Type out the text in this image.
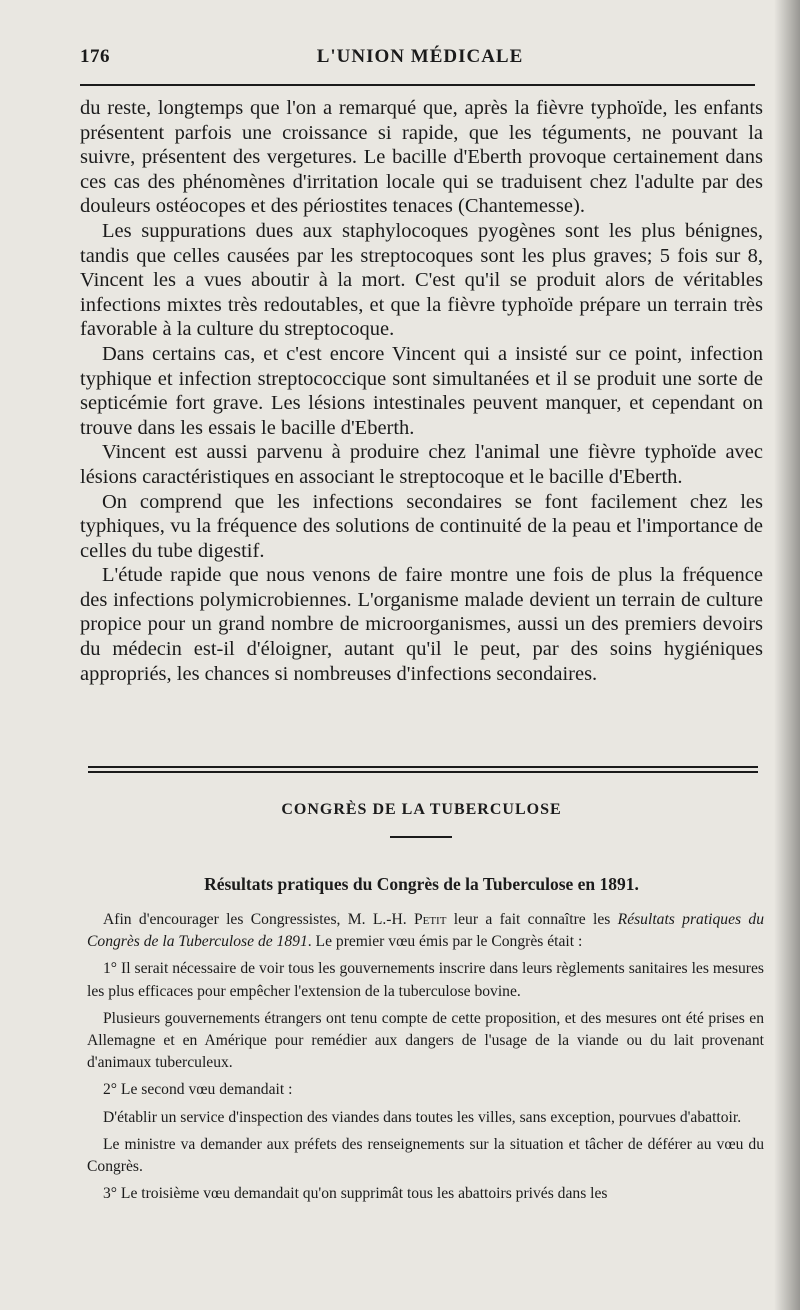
176	L'UNION MÉDICALE

du reste, longtemps que l'on a remarqué que, après la fièvre typhoïde, les enfants présentent parfois une croissance si rapide, que les téguments, ne pouvant la suivre, présentent des vergetures. Le bacille d'Eberth provoque certainement dans ces cas des phénomènes d'irritation locale qui se traduisent chez l'adulte par des douleurs ostéocopes et des périostites tenaces (Chantemesse).

Les suppurations dues aux staphylocoques pyogènes sont les plus bénignes, tandis que celles causées par les streptocoques sont les plus graves; 5 fois sur 8, Vincent les a vues aboutir à la mort. C'est qu'il se produit alors de véritables infections mixtes très redoutables, et que la fièvre typhoïde prépare un terrain très favorable à la culture du streptocoque.

Dans certains cas, et c'est encore Vincent qui a insisté sur ce point, infection typhique et infection streptococcique sont simultanées et il se produit une sorte de septicémie fort grave. Les lésions intestinales peuvent manquer, et cependant on trouve dans les essais le bacille d'Eberth.

Vincent est aussi parvenu à produire chez l'animal une fièvre typhoïde avec lésions caractéristiques en associant le streptocoque et le bacille d'Eberth.

On comprend que les infections secondaires se font facilement chez les typhiques, vu la fréquence des solutions de continuité de la peau et l'importance de celles du tube digestif.

L'étude rapide que nous venons de faire montre une fois de plus la fréquence des infections polymicrobiennes. L'organisme malade devient un terrain de culture propice pour un grand nombre de microorganismes, aussi un des premiers devoirs du médecin est-il d'éloigner, autant qu'il le peut, par des soins hygiéniques appropriés, les chances si nombreuses d'infections secondaires.

CONGRÈS DE LA TUBERCULOSE
Résultats pratiques du Congrès de la Tuberculose en 1891.

Afin d'encourager les Congressistes, M. L.-H. Petit leur a fait connaître les Résultats pratiques du Congrès de la Tuberculose de 1891. Le premier vœu émis par le Congrès était :

1° Il serait nécessaire de voir tous les gouvernements inscrire dans leurs règlements sanitaires les mesures les plus efficaces pour empêcher l'extension de la tuberculose bovine.

Plusieurs gouvernements étrangers ont tenu compte de cette proposition, et des mesures ont été prises en Allemagne et en Amérique pour remédier aux dangers de l'usage de la viande ou du lait provenant d'animaux tuberculeux.

2° Le second vœu demandait :

D'établir un service d'inspection des viandes dans toutes les villes, sans exception, pourvues d'abattoir.

Le ministre va demander aux préfets des renseignements sur la situation et tâcher de déférer au vœu du Congrès.

3° Le troisième vœu demandait qu'on supprimât tous les abattoirs privés dans les
